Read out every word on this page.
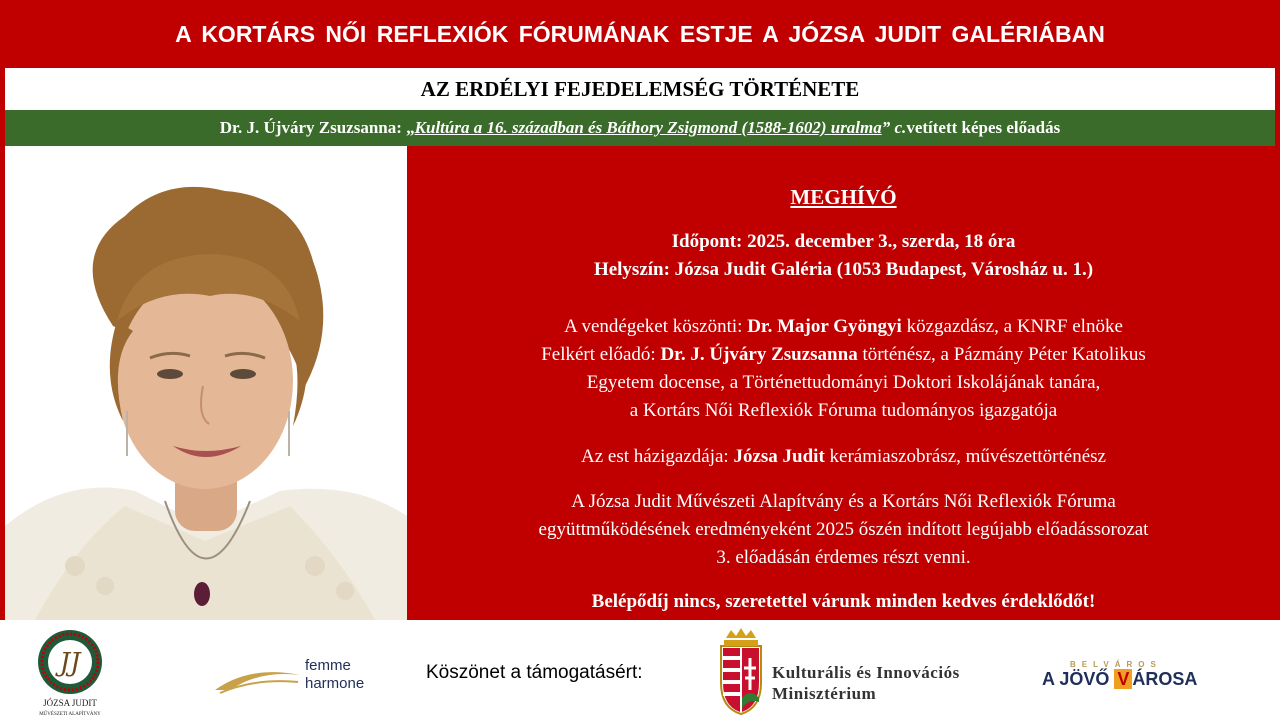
A KORTÁRS NŐI REFLEXIÓK FÓRUMÁNAK ESTJE A JÓZSA JUDIT GALÉRIÁBAN
AZ ERDÉLYI FEJEDELEMSÉG TÖRTÉNETE
Dr. J. Újváry Zsuzsanna: „ Kultúra a 16. században és Báthory Zsigmond (1588-1602) uralma ” c. vetített képes előadás
MEGHÍVÓ
Időpont: 2025. december 3., szerda, 18 óra
Helyszín: Józsa Judit Galéria (1053 Budapest, Városház u. 1.)
A vendégeket köszönti: Dr. Major Gyöngyi közgazdász, a KNRF elnöke
Felkért előadó: Dr. J. Újváry Zsuzsanna történész, a Pázmány Péter Katolikus
Egyetem docense, a Történettudományi Doktori Iskolájának tanára,
a Kortárs Női Reflexiók Fóruma tudományos igazgatója
Az est házigazdája: Józsa Judit kerámiaszobrász, művészettörténész
A Józsa Judit Művészeti Alapítvány és a Kortárs Női Reflexiók Fóruma
együttműködésének eredményeként 2025 őszén indított legújabb előadássorozat
3. előadásán érdemes részt venni.
Belépődíj nincs, szeretettel várunk minden kedves érdeklődőt!
JJ
JÓZSA JUDIT
MŰVÉSZETI ALAPÍTVÁNY
femme
harmone
Köszönet a támogatásért:	Kulturális és Innovációs
Minisztérium
BELVÁROS
A JÖVŐ V ÁROSA
